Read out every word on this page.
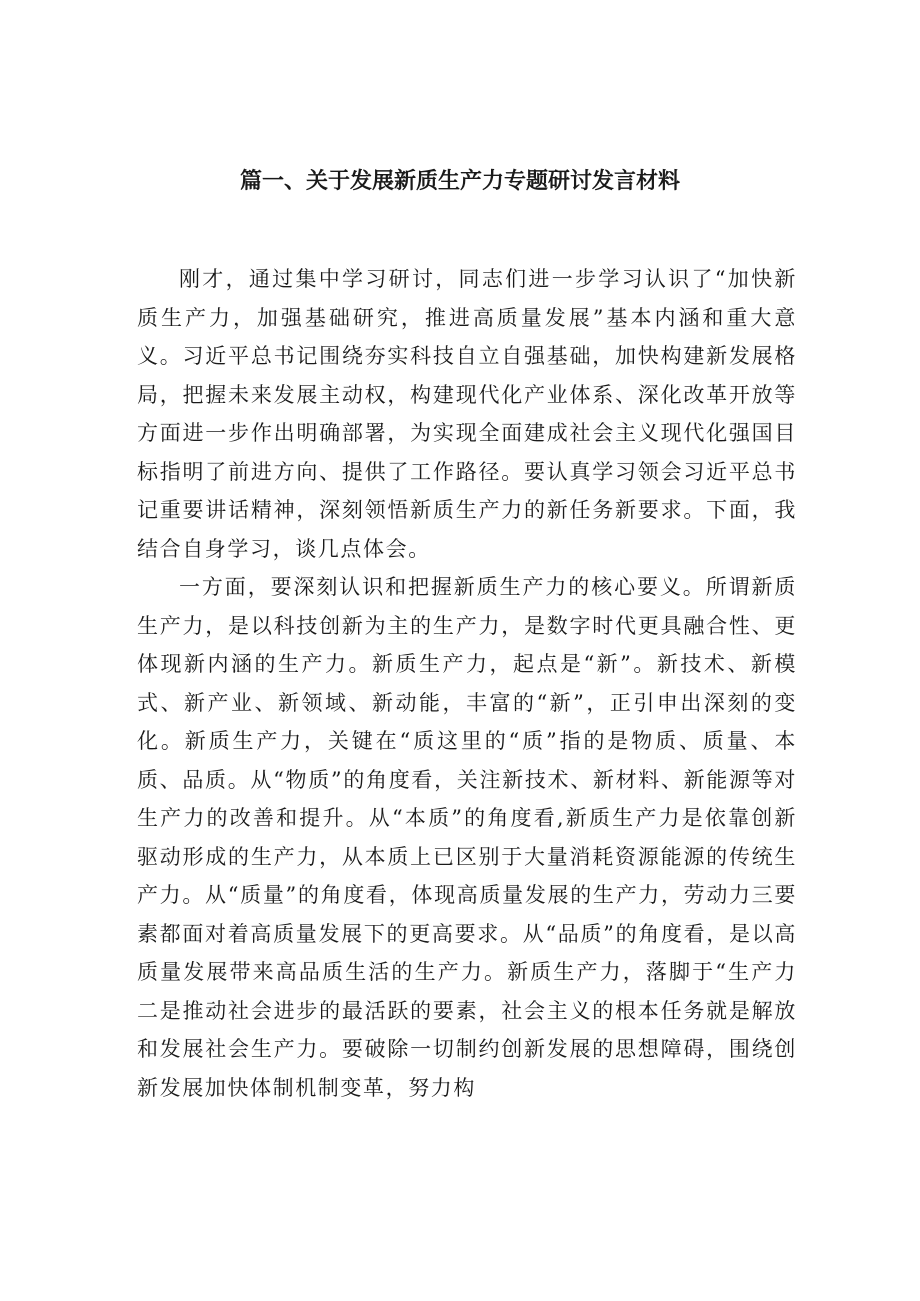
篇一、关于发展新质生产力专题研讨发言材料

刚才，通过集中学习研讨，同志们进一步学习认识了“加快新质生产力，加强基础研究，推进高质量发展”基本内涵和重大意义。习近平总书记围绕夯实科技自立自强基础，加快构建新发展格局，把握未来发展主动权，构建现代化产业体系、深化改革开放等方面进一步作出明确部署，为实现全面建成社会主义现代化强国目标指明了前进方向、提供了工作路径。要认真学习领会习近平总书记重要讲话精神，深刻领悟新质生产力的新任务新要求。下面，我结合自身学习，谈几点体会。

一方面，要深刻认识和把握新质生产力的核心要义。所谓新质生产力，是以科技创新为主的生产力，是数字时代更具融合性、更体现新内涵的生产力。新质生产力，起点是“新”。新技术、新模式、新产业、新领域、新动能，丰富的“新”，正引申出深刻的变化。新质生产力，关键在“质这里的“质”指的是物质、质量、本质、品质。从“物质”的角度看，关注新技术、新材料、新能源等对生产力的改善和提升。从“本质”的角度看,新质生产力是依靠创新驱动形成的生产力，从本质上已区别于大量消耗资源能源的传统生产力。从“质量”的角度看，体现高质量发展的生产力，劳动力三要素都面对着高质量发展下的更高要求。从“品质”的角度看，是以高质量发展带来高品质生活的生产力。新质生产力，落脚于“生产力二是推动社会进步的最活跃的要素，社会主义的根本任务就是解放和发展社会生产力。要破除一切制约创新发展的思想障碍，围绕创新发展加快体制机制变革，努力构
